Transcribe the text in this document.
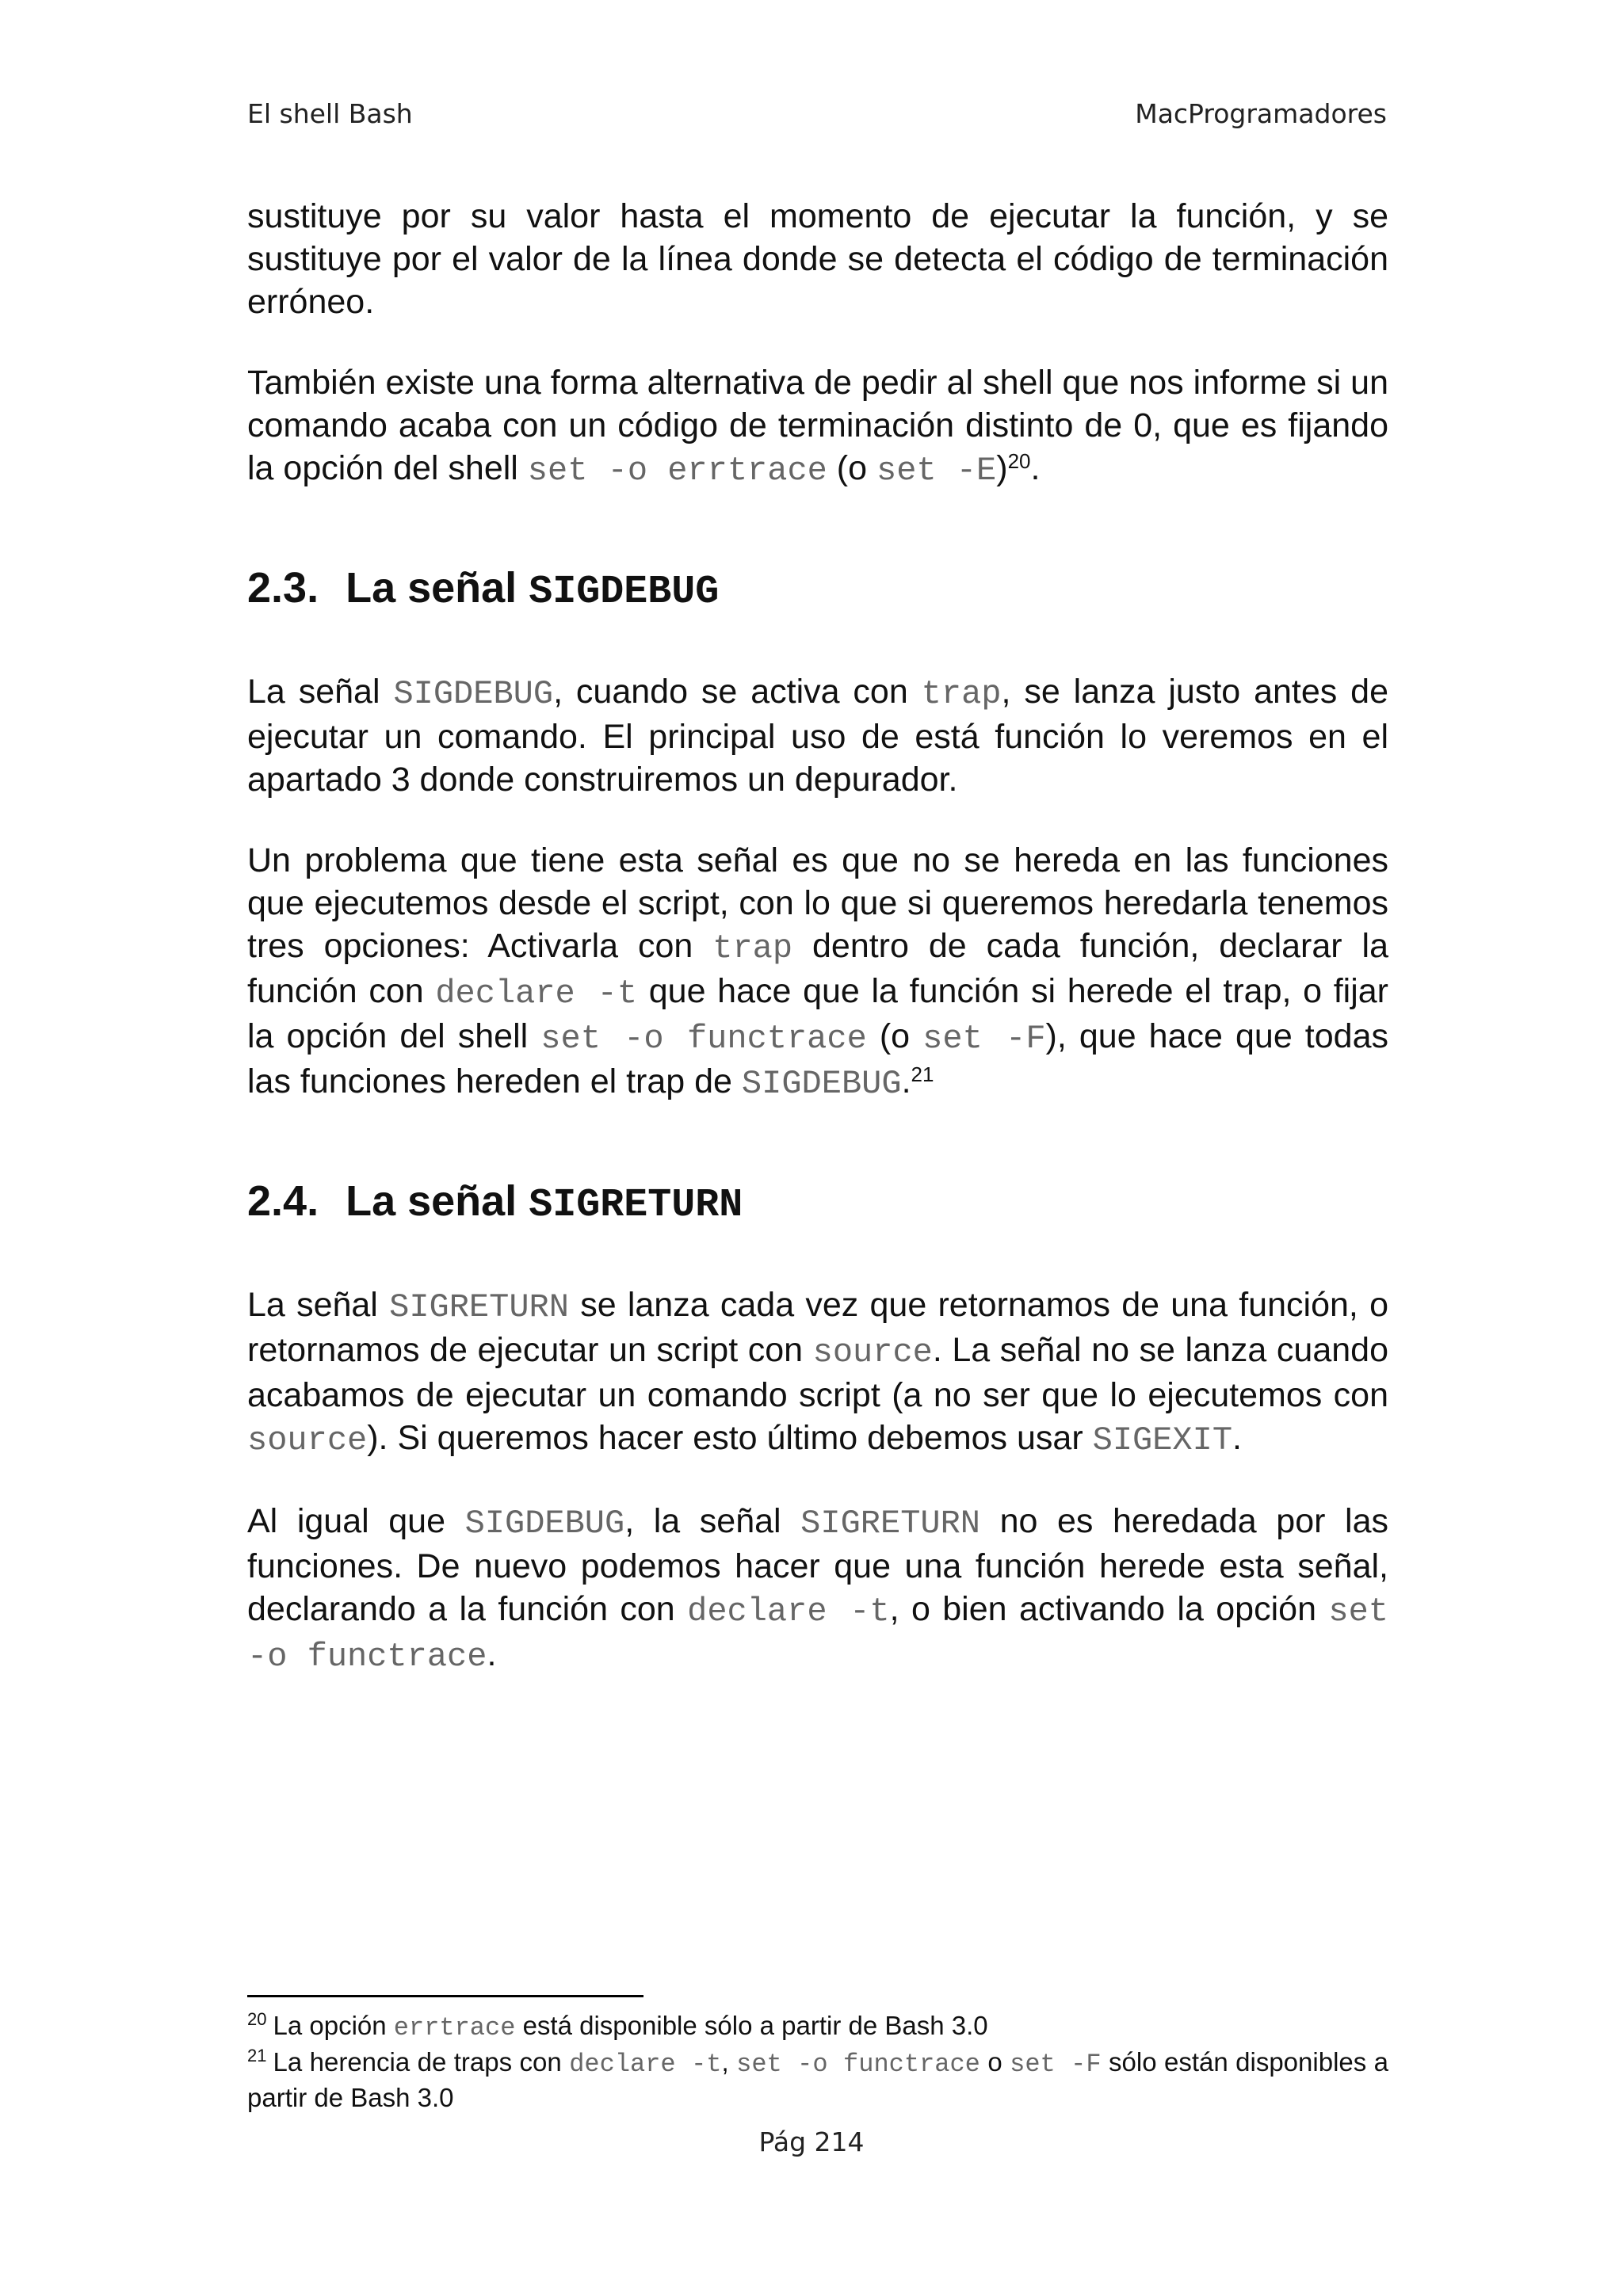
El shell Bash	MacProgramadores

sustituye por su valor hasta el momento de ejecutar la función, y se sustituye por el valor de la línea donde se detecta el código de terminación erróneo.

También existe una forma alternativa de pedir al shell que nos informe si un comando acaba con un código de terminación distinto de 0, que es fijando la opción del shell set -o errtrace (o set -E)$^{20}$.

2.3. La señal SIGDEBUG

La señal SIGDEBUG, cuando se activa con trap, se lanza justo antes de ejecutar un comando. El principal uso de está función lo veremos en el apartado 3 donde construiremos un depurador.

Un problema que tiene esta señal es que no se hereda en las funciones que ejecutemos desde el script, con lo que si queremos heredarla tenemos tres opciones: Activarla con trap dentro de cada función, declarar la función con declare -t que hace que la función si herede el trap, o fijar la opción del shell set -o functrace (o set -F), que hace que todas las funciones hereden el trap de SIGDEBUG.$^{21}$

2.4. La señal SIGRETURN

La señal SIGRETURN se lanza cada vez que retornamos de una función, o retornamos de ejecutar un script con source. La señal no se lanza cuando acabamos de ejecutar un comando script (a no ser que lo ejecutemos con source). Si queremos hacer esto último debemos usar SIGEXIT.

Al igual que SIGDEBUG, la señal SIGRETURN no es heredada por las funciones. De nuevo podemos hacer que una función herede esta señal, declarando a la función con declare -t, o bien activando la opción set -o functrace.

$^{20}$ La opción errtrace está disponible sólo a partir de Bash 3.0
$^{21}$ La herencia de traps con declare -t, set -o functrace o set -F sólo están disponibles a partir de Bash 3.0
Pág 214
